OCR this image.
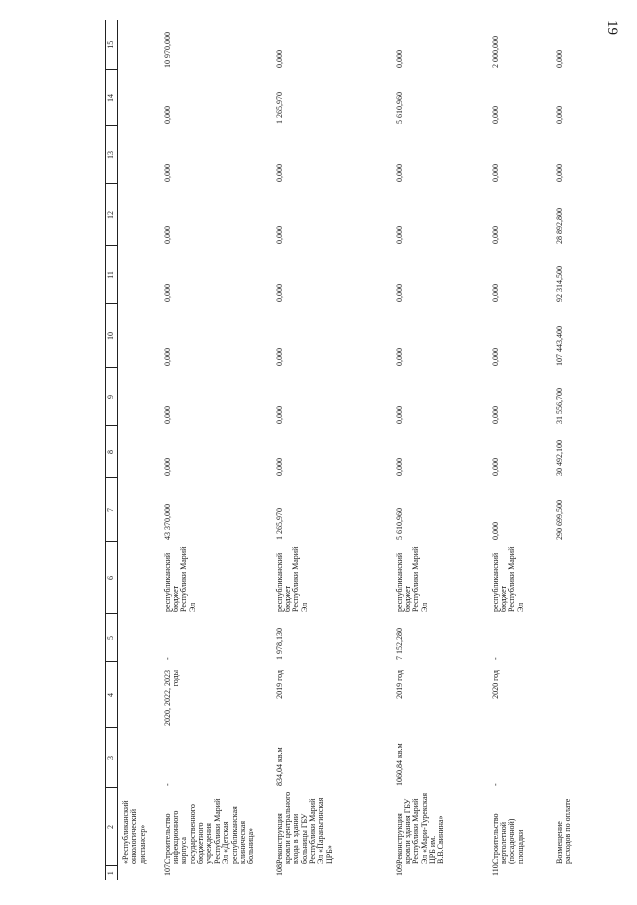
19
1	2	3	4	5	6	7	8	9	10	11	12	13	14	15
	«Республиканский онкологический диспансер»													
107.	Строительство инфекционного корпуса государственного бюджетного учреждения Республики Марий Эл «Детская республиканская клиническая больница»	-	2020, 2022, 2023 годы	-	республиканский бюджет Республики Марий Эл	43 370,000	0,000	0,000	0,000	0,000	0,000	0,000	0,000	10 970,000
108.	Реконструкция кровли центрального входа в здании больницы ГБУ Республики Марий Эл «Параньгинская ЦРБ»	834,04 кв.м	2019 год	1 978,130	республиканский бюджет Республики Марий Эл	1 265,970	0,000	0,000	0,000	0,000	0,000	0,000	1 265,970	0,000
109.	Реконструкция кровли здания ГБУ Республики Марий Эл «Мари-Турекская ЦРБ им. В.В.Свинина»	1060,84 кв.м	2019 год	7 152,280	республиканский бюджет Республики Марий Эл	5 610,960	0,000	0,000	0,000	0,000	0,000	0,000	5 610,960	0,000
110.	Строительство вертолетной (посадочной) площадки	-	2020 год	-	республиканский бюджет Республики Марий Эл	0,000	0,000	0,000	0,000	0,000	0,000	0,000	0,000	2 000,000
	Возмещение расходов по оплате					290 699,500	30 492,100	31 556,700	107 443,400	92 314,500	28 892,800	0,000	0,000	0,000
